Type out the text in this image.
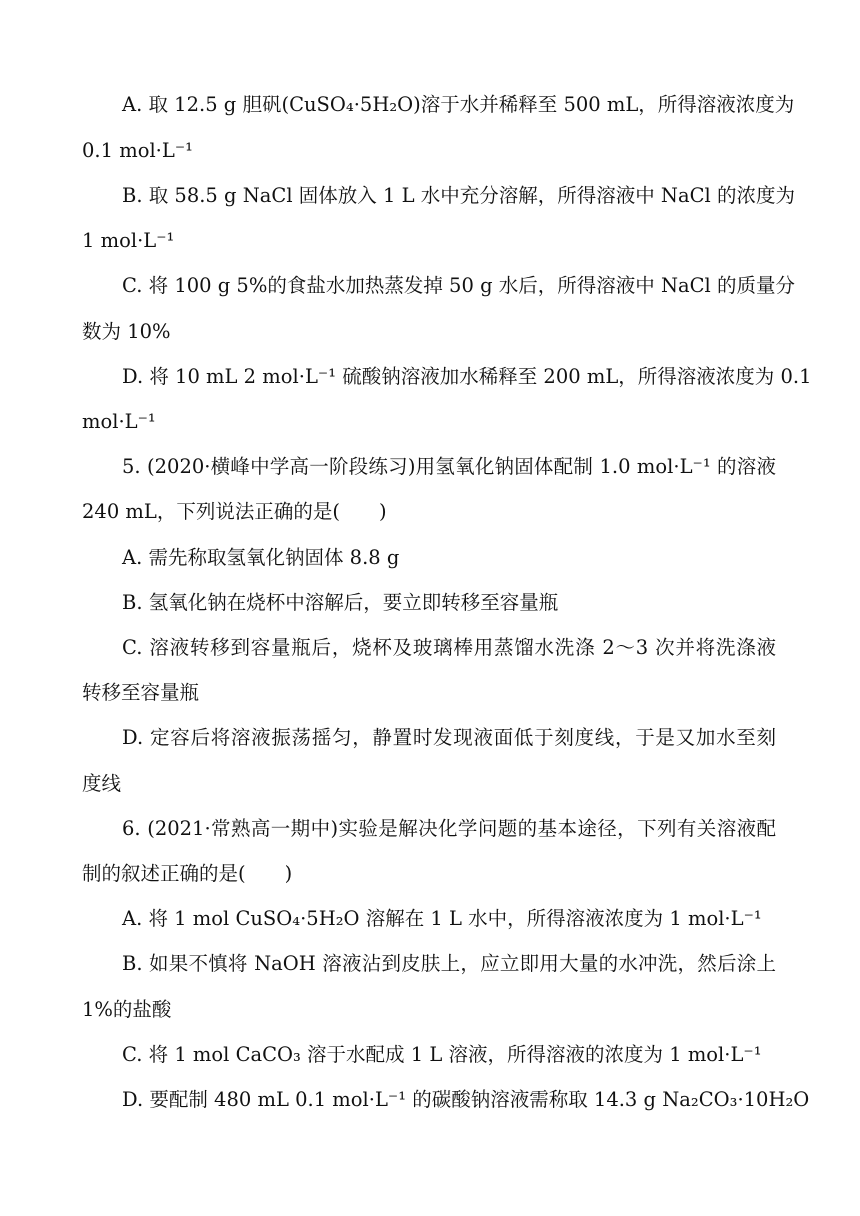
A. 取 12.5 g 胆矾(CuSO₄·5H₂O)溶于水并稀释至 500 mL，所得溶液浓度为
0.1 mol·L⁻¹
B. 取 58.5 g NaCl 固体放入 1 L 水中充分溶解，所得溶液中 NaCl 的浓度为
1 mol·L⁻¹
C. 将 100 g 5%的食盐水加热蒸发掉 50 g 水后，所得溶液中 NaCl 的质量分
数为 10%
D. 将 10 mL 2 mol·L⁻¹ 硫酸钠溶液加水稀释至 200 mL，所得溶液浓度为 0.1
mol·L⁻¹
5. (2020·横峰中学高一阶段练习)用氢氧化钠固体配制 1.0 mol·L⁻¹ 的溶液
240 mL，下列说法正确的是(　　)
A. 需先称取氢氧化钠固体 8.8 g
B. 氢氧化钠在烧杯中溶解后，要立即转移至容量瓶
C. 溶液转移到容量瓶后，烧杯及玻璃棒用蒸馏水洗涤 2～3 次并将洗涤液
转移至容量瓶
D. 定容后将溶液振荡摇匀，静置时发现液面低于刻度线，于是又加水至刻
度线
6. (2021·常熟高一期中)实验是解决化学问题的基本途径，下列有关溶液配
制的叙述正确的是(　　)
A. 将 1 mol CuSO₄·5H₂O 溶解在 1 L 水中，所得溶液浓度为 1 mol·L⁻¹
B. 如果不慎将 NaOH 溶液沾到皮肤上，应立即用大量的水冲洗，然后涂上
1%的盐酸
C. 将 1 mol CaCO₃ 溶于水配成 1 L 溶液，所得溶液的浓度为 1 mol·L⁻¹
D. 要配制 480 mL 0.1 mol·L⁻¹ 的碳酸钠溶液需称取 14.3 g Na₂CO₃·10H₂O
